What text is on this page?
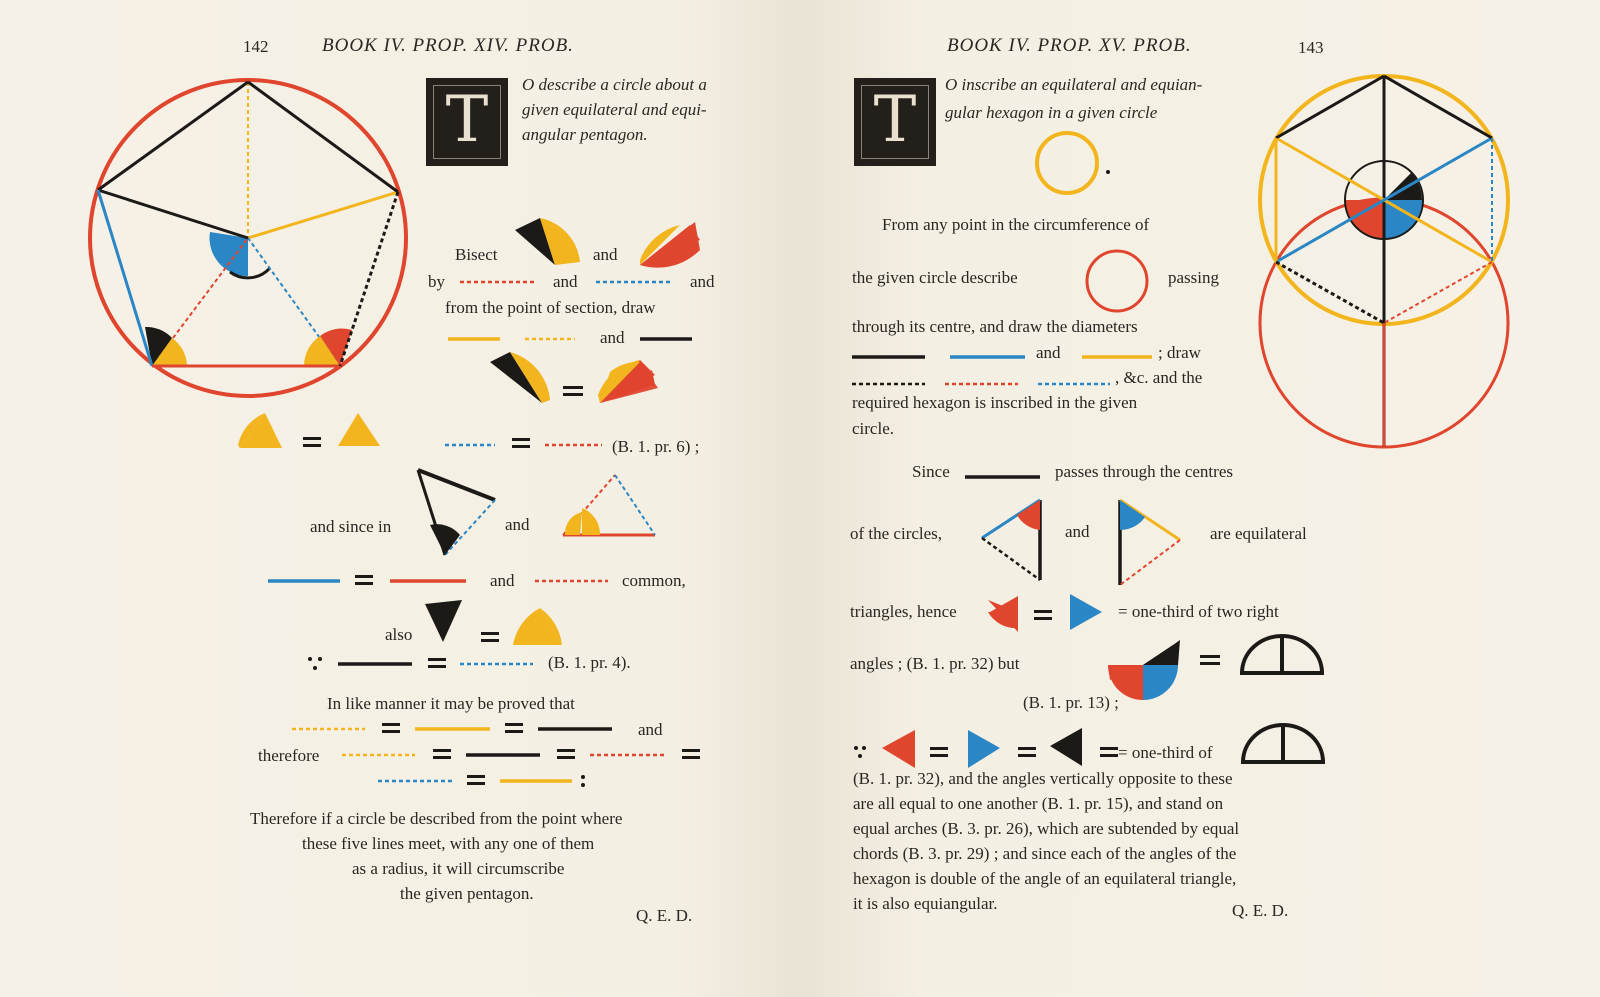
142	BOOK IV. PROP. XIV. PROB.
T	O describe a circle about a
given equilateral and equi-
angular pentagon.
Bisect	and
by	and	and
from the point of section, draw
and
(B. 1. pr. 6) ;
and since in	and
and	common,
also
(B. 1. pr. 4).
In like manner it may be proved that
and
therefore
Therefore if a circle be described from the point where
these five lines meet, with any one of them
as a radius, it will circumscribe
the given pentagon.
Q. E. D.
BOOK IV. PROP. XV. PROB.	143
T	O inscribe an equilateral and equian-
gular hexagon in a given circle
From any point in the circumference of
the given circle describe	passing
through its centre, and draw the diameters
and	; draw
, &c. and the
required hexagon is inscribed in the given
circle.
Since	passes through the centres
of the circles,	and	are equilateral
triangles, hence	= one-third of two right
angles ; (B. 1. pr. 32) but
(B. 1. pr. 13) ;
= one-third of
(B. 1. pr. 32), and the angles vertically opposite to these
are all equal to one another (B. 1. pr. 15), and stand on
equal arches (B. 3. pr. 26), which are subtended by equal
chords (B. 3. pr. 29) ; and since each of the angles of the
hexagon is double of the angle of an equilateral triangle,
it is also equiangular.	Q. E. D.
